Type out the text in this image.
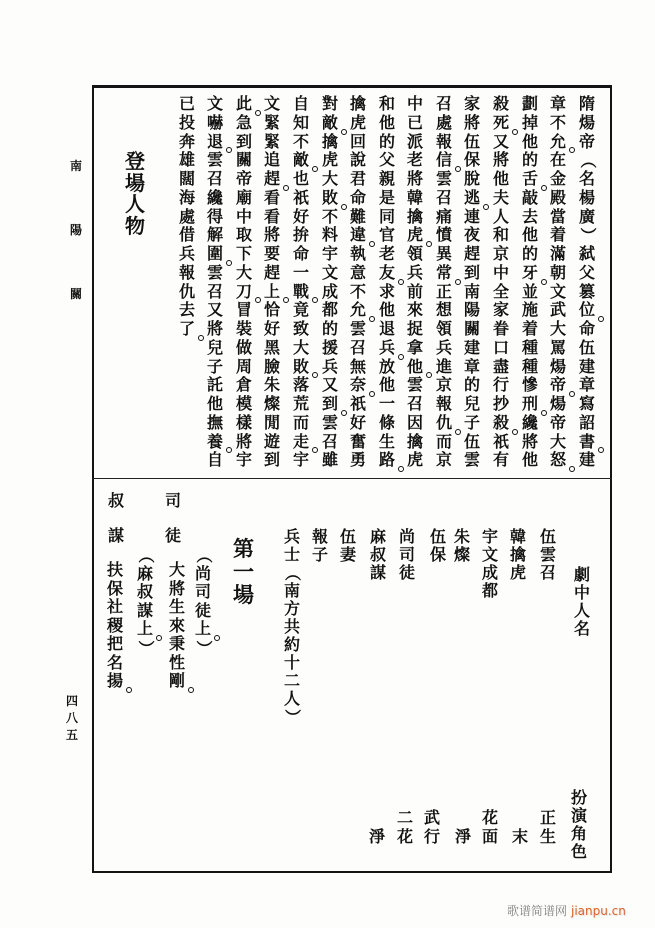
南
陽
關
四
八
五
隋
煬
帝
（
名
楊
廣
）
弑
父
篡
位
命
伍
建
章
寫
詔
書
建
章
不
允
在
金
殿
當
着
滿
朝
文
武
大
罵
煬
帝
煬
帝
大
怒
劃
掉
他
的
舌
敲
去
他
的
牙
並
施
着
種
種
慘
刑
纔
將
他
殺
死
又
將
他
夫
人
和
京
中
全
家
眷
口
盡
行
抄
殺
祇
有
家
將
伍
保
脫
逃
連
夜
趕
到
南
陽
關
建
章
的
兒
子
伍
雲
召
處
報
信
雲
召
痛
憤
異
常
正
想
領
兵
進
京
報
仇
而
京
中
已
派
老
將
韓
擒
虎
領
兵
前
來
捉
拿
他
雲
召
因
擒
虎
和
他
的
父
親
是
同
官
老
友
求
他
退
兵
放
他
一
條
生
路
擒
虎
回
說
君
命
難
違
執
意
不
允
雲
召
無
奈
祇
好
奮
勇
對
敵
擒
虎
大
敗
不
料
宇
文
成
都
的
援
兵
又
到
雲
召
雖
自
知
不
敵
也
祇
好
拚
命
一
戰
竟
致
大
敗
落
荒
而
走
宇
文
緊
緊
追
趕
看
看
將
要
趕
上
恰
好
黑
臉
朱
燦
閒
遊
到
此
急
到
關
帝
廟
中
取
下
大
刀
冒
裝
做
周
倉
模
樣
將
宇
文
嚇
退
雲
召
纔
得
解
圍
雲
召
又
將
兒
子
託
他
撫
養
自
已
投
奔
雄
闊
海
處
借
兵
報
仇
去
了
登
場
人
物
劇
中
人
名
扮
演
角
色
伍
雲
召
韓
擒
虎
宇
文
成
都
朱
燦
伍
保
尚
司
徒
麻
叔
謀
伍
妻
報
子
兵
士
（
南
方
共
約
十
二
人
）
正
生
末
花
面
淨
武
行
二
花
淨
第
一
場
（
尚
司
徒
上
）
司
徒
大
將
生
來
秉
性
剛
（
麻
叔
謀
上
）
叔
謀
扶
保
社
稷
把
名
揚
歌谱简谱网 jianpu.cn
